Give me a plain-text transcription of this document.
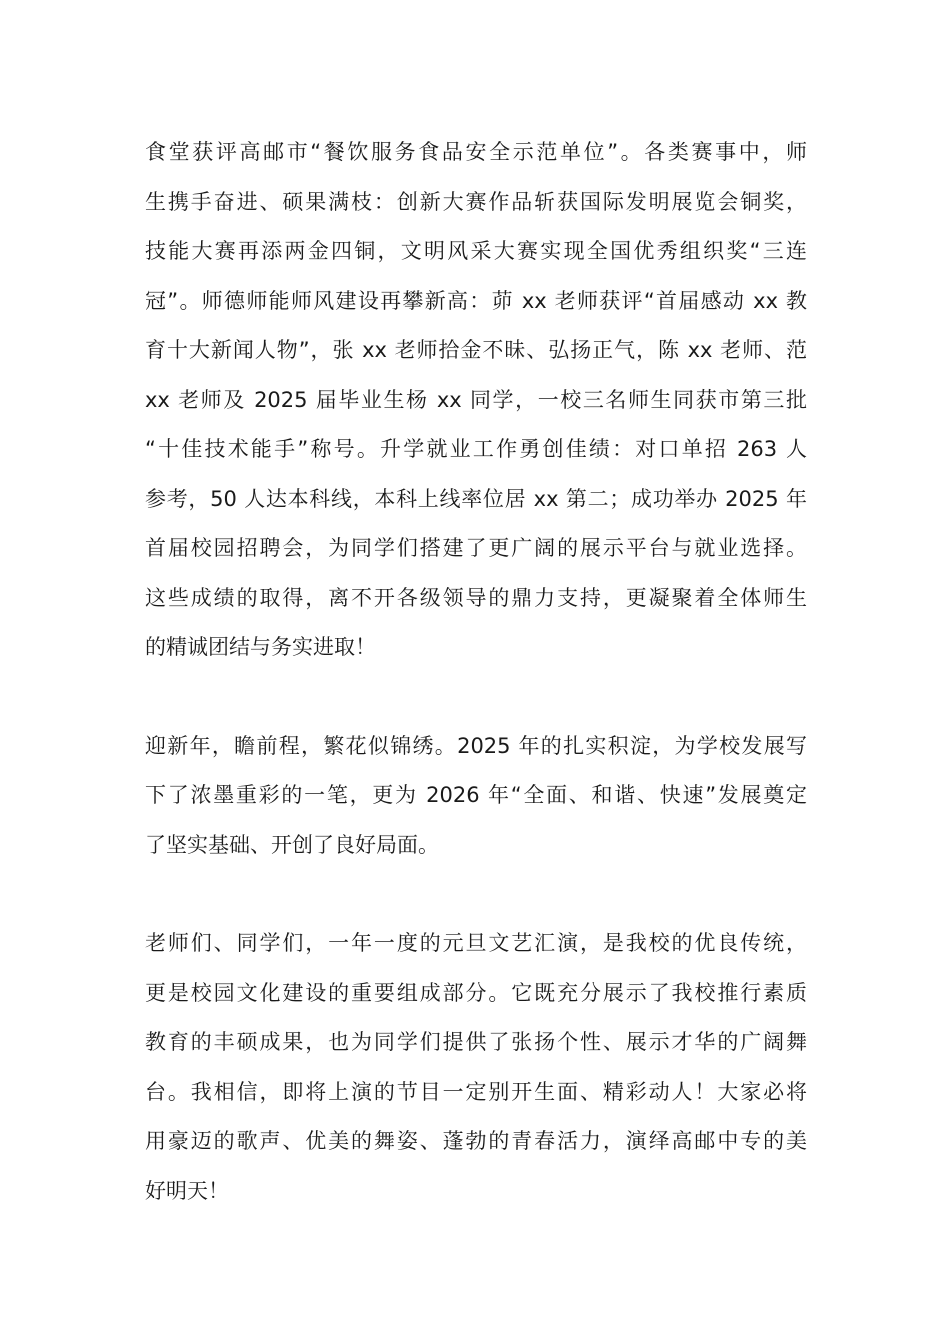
食堂获评高邮市“餐饮服务食品安全示范单位”。各类赛事中，师
生携手奋进、硕果满枝：创新大赛作品斩获国际发明展览会铜奖，
技能大赛再添两金四铜，文明风采大赛实现全国优秀组织奖“三连
冠”。师德师能师风建设再攀新高：茆 xx 老师获评“首届感动 xx 教
育十大新闻人物”，张 xx 老师拾金不昧、弘扬正气，陈 xx 老师、范
xx 老师及 2025 届毕业生杨 xx 同学，一校三名师生同获市第三批
“十佳技术能手”称号。升学就业工作勇创佳绩：对口单招 263 人
参考，50 人达本科线，本科上线率位居 xx 第二；成功举办 2025 年
首届校园招聘会，为同学们搭建了更广阔的展示平台与就业选择。
这些成绩的取得，离不开各级领导的鼎力支持，更凝聚着全体师生
的精诚团结与务实进取！
迎新年，瞻前程，繁花似锦绣。2025 年的扎实积淀，为学校发展写
下了浓墨重彩的一笔，更为 2026 年“全面、和谐、快速”发展奠定
了坚实基础、开创了良好局面。
老师们、同学们，一年一度的元旦文艺汇演，是我校的优良传统，
更是校园文化建设的重要组成部分。它既充分展示了我校推行素质
教育的丰硕成果，也为同学们提供了张扬个性、展示才华的广阔舞
台。我相信，即将上演的节目一定别开生面、精彩动人！大家必将
用豪迈的歌声、优美的舞姿、蓬勃的青春活力，演绎高邮中专的美
好明天！
